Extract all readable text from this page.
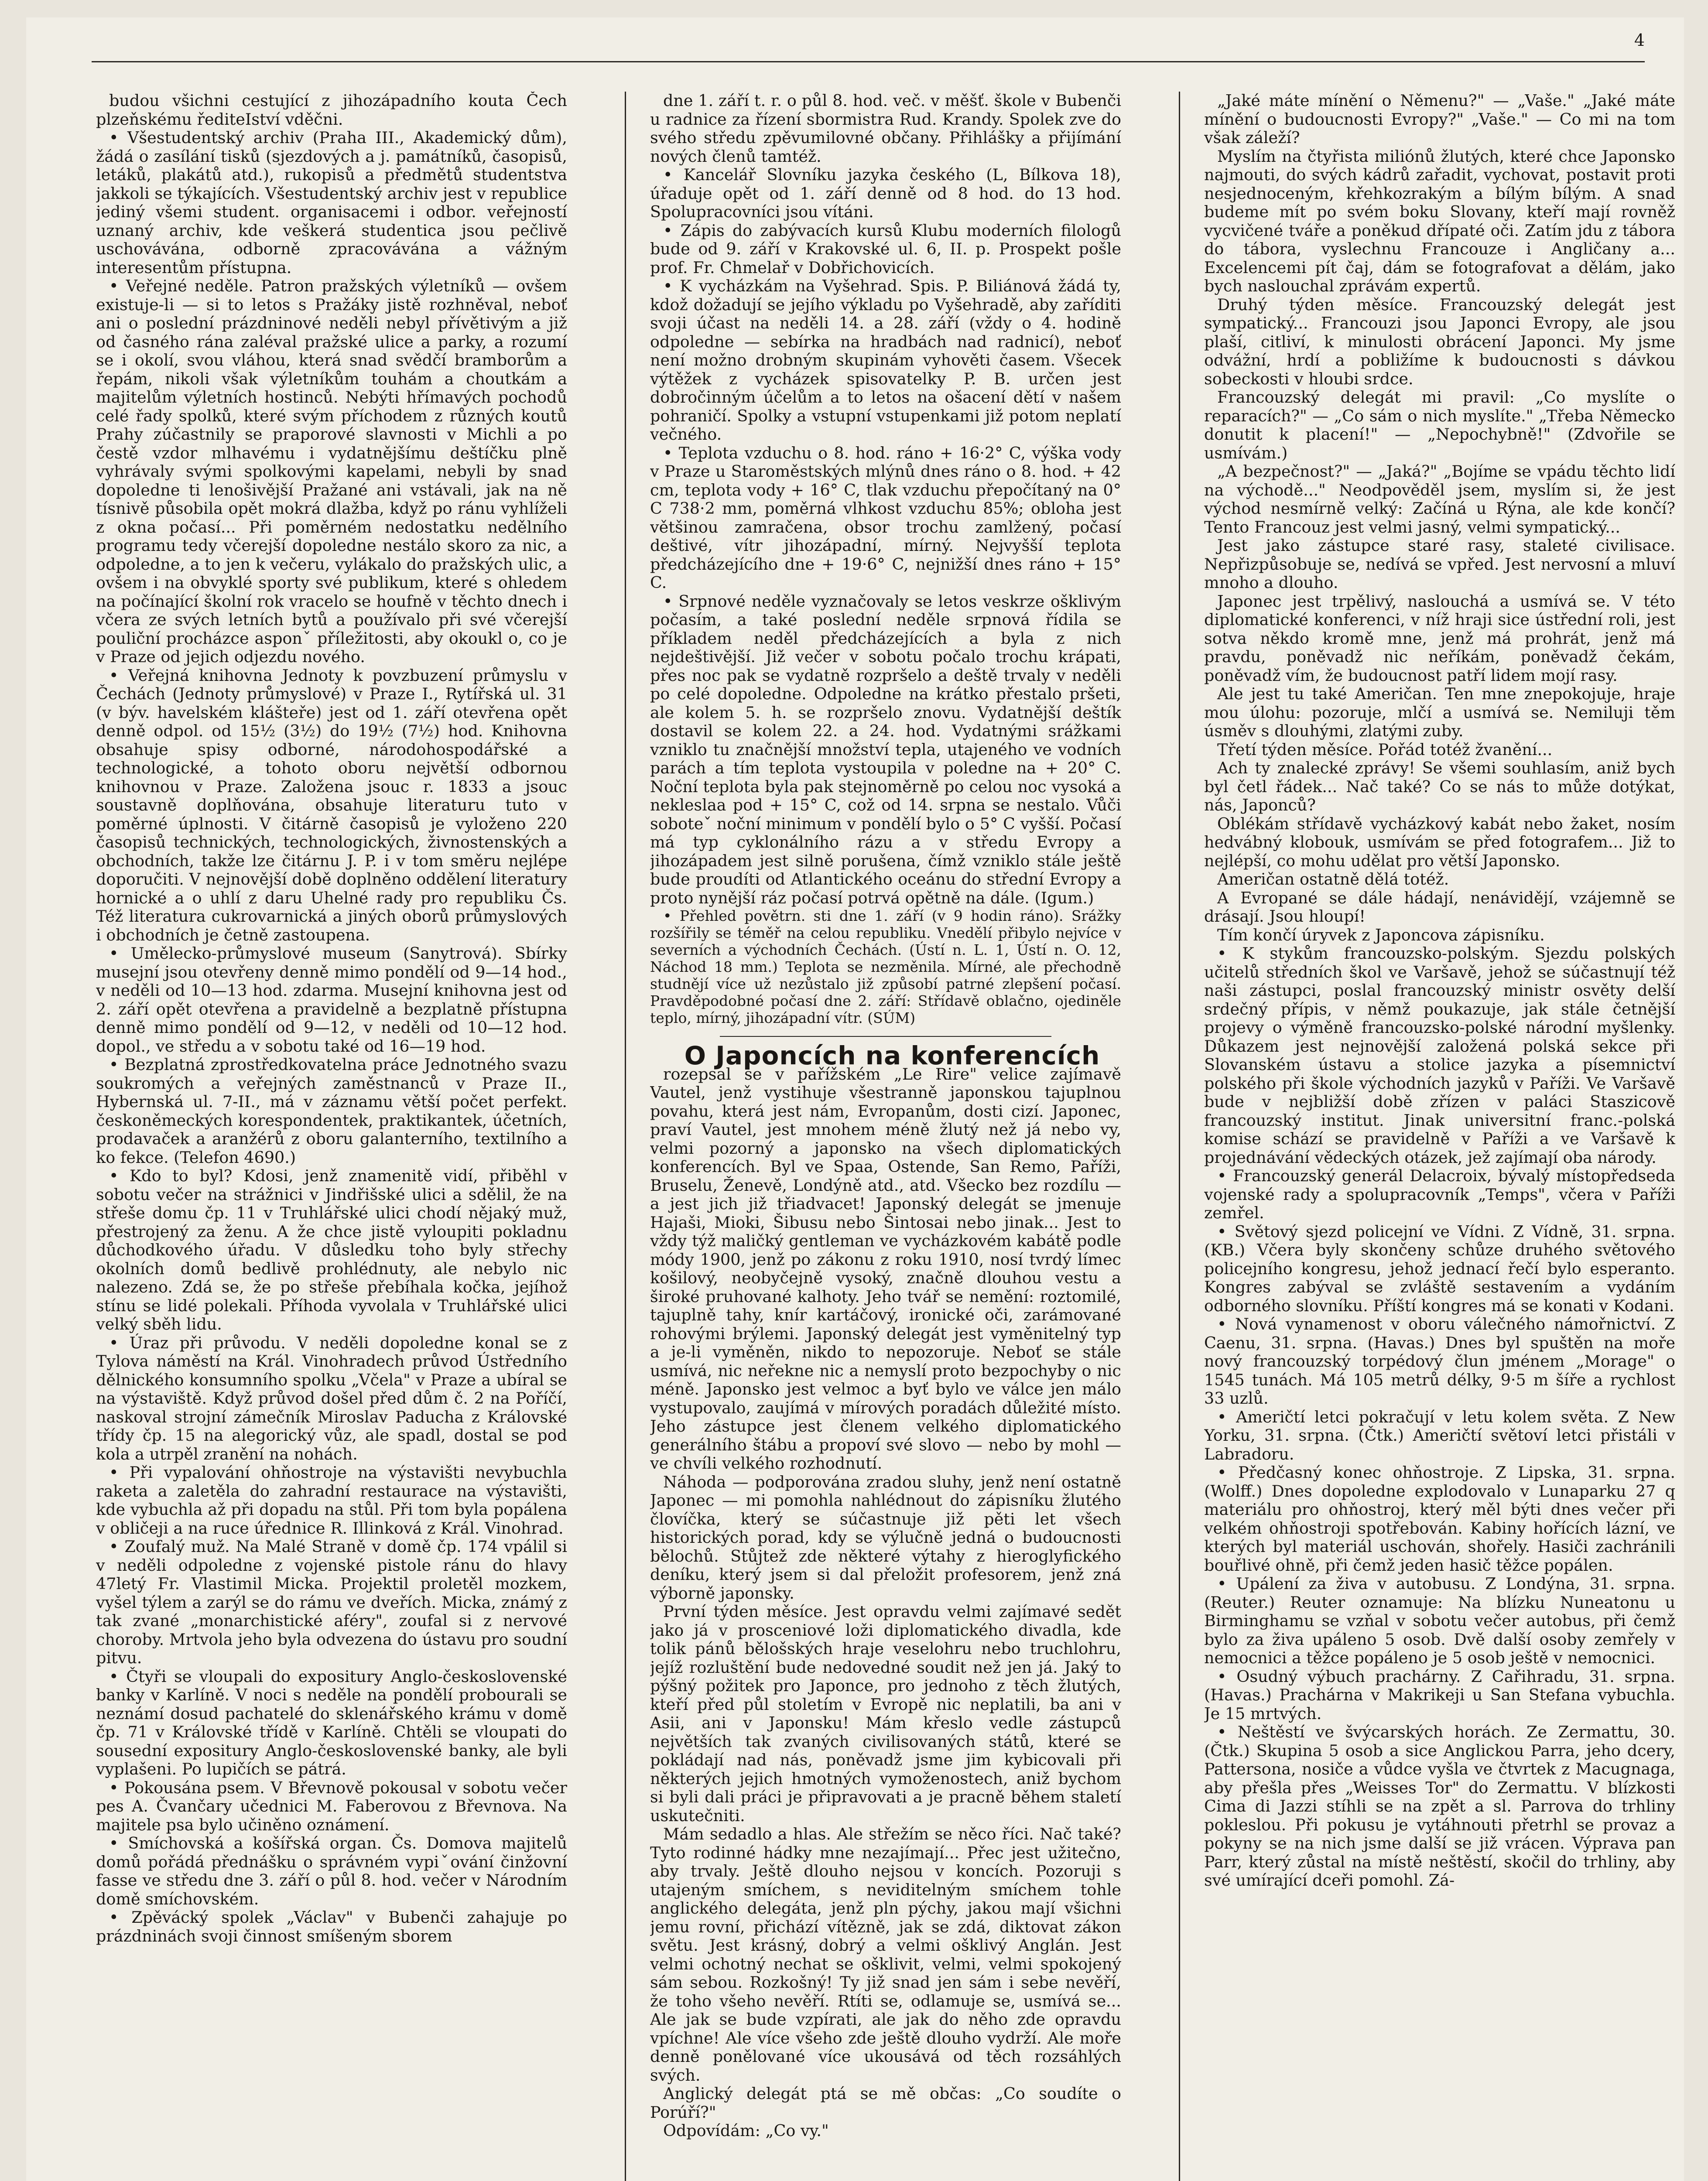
4

budou všichni cestující z jihozápadního kouta Čech plzeňskému řediteIství vděčni.

• Všestudentský archiv (Praha III., Akademický dům), žádá o zasílání tisků (sjezdových a j. památníků, časopisů, letáků, plakátů atd.), rukopisů a předmětů studentstva jakkoli se týkajících. Všestudentský archiv jest v republice jediný všemi student. organisacemi i odbor. veřejností uznaný archiv, kde veškerá studentica jsou pečlivě uschovávána, odborně zpracovávána a vážným interesentům přístupna.

• Veřejné neděle. Patron pražských výletníků — ovšem existuje-li — si to letos s Pražáky jistě rozhněval, neboť ani o poslední prázdninové neděli nebyl přívětivým a již od časného rána zaléval pražské ulice a parky, a rozumí se i okolí, svou vláhou, která snad svědčí bramborům a řepám, nikoli však výletníkům touhám a choutkám a majitelům výletních hostinců. Nebýti hřímavých pochodů celé řady spolků, které svým příchodem z různých koutů Prahy zúčastnily se praporové slavnosti v Michli a po čestě vzdor mlhavému i vydatnějšímu deštíčku plně vyhrávaly svými spolkovými kapelami, nebyli by snad dopoledne ti lenošivější Pražané ani vstávali, jak na ně tísnivě působila opět mokrá dlažba, když po ránu vyhlíželi z okna počasí... Při poměrném nedostatku nedělního programu tedy včerejší dopoledne nestálo skoro za nic, a odpoledne, a to jen k večeru, vylákalo do pražských ulic, a ovšem i na obvyklé sporty své publikum, které s ohledem na počínající školní rok vracelo se houfně v těchto dnech i včera ze svých letních bytů a používalo při své včerejší pouliční procházce asponˇ příležitosti, aby okoukl o, co je v Praze od jejich odjezdu nového.

• Veřejná knihovna Jednoty k povzbuzení průmyslu v Čechách (Jednoty průmyslové) v Praze I., Rytířská ul. 31 (v býv. havelském klášteře) jest od 1. září otevřena opět denně odpol. od 15½ (3½) do 19½ (7½) hod. Knihovna obsahuje spisy odborné, národohospodářské a technologické, a tohoto oboru největší odbornou knihovnou v Praze. Založena jsouc r. 1833 a jsouc soustavně doplňována, obsahuje literaturu tuto v poměrné úplnosti. V čitárně časopisů je vyloženo 220 časopisů technických, technologických, živnostenských a obchodních, takže lze čitárnu J. P. i v tom směru nejlépe doporučiti. V nejnovější době doplněno oddělení literatury hornické a o uhlí z daru Uhelné rady pro republiku Čs. Též literatura cukrovarnická a jiných oborů průmyslových i obchodních je četně zastoupena.

• Umělecko-průmyslové museum (Sanytrová). Sbírky musejní jsou otevřeny denně mimo pondělí od 9—14 hod., v neděli od 10—13 hod. zdarma. Musejní knihovna jest od 2. září opět otevřena a pravidelně a bezplatně přístupna denně mimo pondělí od 9—12, v neděli od 10—12 hod. dopol., ve středu a v sobotu také od 16—19 hod.

• Bezplatná zprostředkovatelna práce Jednotného svazu soukromých a veřejných zaměstnanců v Praze II., Hybernská ul. 7-II., má v záznamu větší počet perfekt. českoněmeckých korespondentek, praktikantek, účetních, prodavaček a aranžérů z oboru galanterního, textilního a ko fekce. (Telefon 4690.)

• Kdo to byl? Kdosi, jenž znamenitě vidí, přiběhl v sobotu večer na strážnici v Jindřišské ulici a sdělil, že na střeše domu čp. 11 v Truhlářské ulici chodí nějaký muž, přestrojený za ženu. A že chce jistě vyloupiti pokladnu důchodkového úřadu. V důsledku toho byly střechy okolních domů bedlivě prohlédnuty, ale nebylo nic nalezeno. Zdá se, že po střeše přebíhala kočka, jejíhož stínu se lidé polekali. Příhoda vyvolala v Truhlářské ulici velký sběh lidu.

• Úraz při průvodu. V neděli dopoledne konal se z Tylova náměstí na Král. Vinohradech průvod Ústředního dělnického konsumního spolku „Včela" v Praze a ubíral se na výstaviště. Když průvod došel před dům č. 2 na Poříčí, naskoval strojní zámečník Miroslav Paducha z Královské třídy čp. 15 na alegorický vůz, ale spadl, dostal se pod kola a utrpěl zranění na nohách.

• Při vypalování ohňostroje na výstavišti nevybuchla raketa a zaletěla do zahradní restaurace na výstavišti, kde vybuchla až při dopadu na stůl. Při tom byla popálena v obličeji a na ruce úřednice R. Illinková z Král. Vinohrad.

• Zoufalý muž. Na Malé Straně v domě čp. 174 vpálil si v neděli odpoledne z vojenské pistole ránu do hlavy 47letý Fr. Vlastimil Micka. Projektil proletěl mozkem, vyšel týlem a zarýl se do rámu ve dveřích. Micka, známý z tak zvané „monarchistické aféry", zoufal si z nervové choroby. Mrtvola jeho byla odvezena do ústavu pro soudní pitvu.

• Čtyři se vloupali do expositury Anglo-československé banky v Karlíně. V noci s neděle na pondělí probourali se neznámí dosud pachatelé do sklenářského krámu v domě čp. 71 v Královské třídě v Karlíně. Chtěli se vloupati do sousední expositury Anglo-československé banky, ale byli vyplašeni. Po lupičích se pátrá.

• Pokousána psem. V Břevnově pokousal v sobotu večer pes A. Čvančary učednici M. Faberovou z Břevnova. Na majitele psa bylo učiněno oznámení.

• Smíchovská a košířská organ. Čs. Domova majitelů domů pořádá přednášku o správném vypiˇování činžovní fasse ve středu dne 3. září o půl 8. hod. večer v Národním domě smíchovském.

• Zpěvácký spolek „Václav" v Bubenči zahajuje po prázdninách svoji činnost smíšeným sborem

dne 1. září t. r. o půl 8. hod. več. v měšť. škole v Bubenči u radnice za řízení sbormistra Rud. Krandy. Spolek zve do svého středu zpěvumilovné občany. Přihlášky a přijímání nových členů tamtéž.

• Kancelář Slovníku jazyka českého (L, Bílkova 18), úřaduje opět od 1. září denně od 8 hod. do 13 hod. Spolupracovníci jsou vítáni.

• Zápis do zabývacích kursů Klubu moderních filologů bude od 9. září v Krakovské ul. 6, II. p. Prospekt pošle prof. Fr. Chmelař v Dobřichovicích.

• K vycházkám na Vyšehrad. Spis. P. Biliánová žádá ty, kdož dožadují se jejího výkladu po Vyšehradě, aby zaříditi svoji účast na neděli 14. a 28. září (vždy o 4. hodině odpoledne — sebírka na hradbách nad radnicí), neboť není možno drobným skupinám vyhověti časem. Všecek výtěžek z vycházek spisovatelky P. B. určen jest dobročinným účelům a to letos na ošacení dětí v našem pohraničí. Spolky a vstupní vstupenkami již potom neplatí večného.

• Teplota vzduchu o 8. hod. ráno + 16·2° C, výška vody v Praze u Staroměstských mlýnů dnes ráno o 8. hod. + 42 cm, teplota vody + 16° C, tlak vzduchu přepočítaný na 0° C 738·2 mm, poměrná vlhkost vzduchu 85%; obloha jest většinou zamračena, obsor trochu zamlžený, počasí deštivé, vítr jihozápadní, mírný. Nejvyšší teplota předcházejícího dne + 19·6° C, nejnižší dnes ráno + 15° C.

• Srpnové neděle vyznačovaly se letos veskrze ošklivým počasím, a také poslední neděle srpnová řídila se příkladem neděl předcházejících a byla z nich nejdeštivější. Již večer v sobotu počalo trochu krápati, přes noc pak se vydatně rozpršelo a deště trvaly v neděli po celé dopoledne. Odpoledne na krátko přestalo pršeti, ale kolem 5. h. se rozpršelo znovu. Vydatnější deštík dostavil se kolem 22. a 24. hod. Vydatnými srážkami vzniklo tu značnější množství tepla, utajeného ve vodních parách a tím teplota vystoupila v poledne na + 20° C. Noční teplota byla pak stejnoměrně po celou noc vysoká a nekleslaa pod + 15° C, což od 14. srpna se nestalo. Vůči soboteˇ noční minimum v pondělí bylo o 5° C vyšší. Počasí má typ cyklonálního rázu a v středu Evropy a jihozápadem jest silně porušena, čímž vzniklo stále ještě bude proudíti od Atlantického oceánu do střední Evropy a proto nynější ráz počasí potrvá opětně na dále. (Igum.)

• Přehled povětrn. sti dne 1. září (v 9 hodin ráno). Srážky rozšířily se téměř na celou republiku. Vnedělí přibylo nejvíce v severních a východních Čechách. (Ústí n. L. 1, Ústí n. O. 12, Náchod 18 mm.) Teplota se nezměnila. Mírné, ale přechodně studnějí více už nezůstalo již způsobí patrné zlepšení počasí. Pravděpodobné počasí dne 2. září: Střídavě oblačno, ojediněle teplo, mírný, jihozápadní vítr. (SÚM)

O Japoncích na konferencích

rozepsal se v pařížském „Le Rire" velice zajímavě Vautel, jenž vystihuje všestranně japonskou tajuplnou povahu, která jest nám, Evropanům, dosti cizí. Japonec, praví Vautel, jest mnohem méně žlutý než já nebo vy, velmi pozorný a japonsko na všech diplomatických konferencích. Byl ve Spaa, Ostende, San Remo, Paříži, Bruselu, Ženevě, Londýně atd., atd. Všecko bez rozdílu — a jest jich již třiadvacet! Japonský delegát se jmenuje Hajaši, Mioki, Šibusu nebo Šintosai nebo jinak... Jest to vždy týž maličký gentleman ve vycházkovém kabátě podle módy 1900, jenž po zákonu z roku 1910, nosí tvrdý límec košilový, neobyčejně vysoký, značně dlouhou vestu a široké pruhované kalhoty. Jeho tvář se nemění: roztomilé, tajuplně tahy, knír kartáčový, ironické oči, zarámované rohovými brýlemi. Japonský delegát jest vyměnitelný typ a je-li vyměněn, nikdo to nepozoruje. Neboť se stále usmívá, nic neřekne nic a nemyslí proto bezpochyby o nic méně. Japonsko jest velmoc a byť bylo ve válce jen málo vystupovalo, zaujímá v mírových poradách důležité místo. Jeho zástupce jest členem velkého diplomatického generálního štábu a propoví své slovo — nebo by mohl — ve chvíli velkého rozhodnutí.

Náhoda — podporována zradou sluhy, jenž není ostatně Japonec — mi pomohla nahlédnout do zápisníku žlutého človíčka, který se súčastnuje již pěti let všech historických porad, kdy se výlučně jedná o budoucnosti bělochů. Stůjtež zde některé výtahy z hieroglyfického deníku, který jsem si dal přeložit profesorem, jenž zná výborně japonsky.

První týden měsíce. Jest opravdu velmi zajímavé sedět jako já v prosceniové loži diplomatického divadla, kde tolik pánů bělošských hraje veselohru nebo truchlohru, jejíž rozluštění bude nedovedné soudit než jen já. Jaký to pýšný požitek pro Japonce, pro jednoho z těch žlutých, kteří před půl stoletím v Evropě nic neplatili, ba ani v Asii, ani v Japonsku! Mám křeslo vedle zástupců největších tak zvaných civilisovaných států, které se pokládají nad nás, poněvadž jsme jim kybicovali při některých jejich hmotných vymoženostech, aniž bychom si byli dali práci je připravovati a je pracně během staletí uskutečniti.

Mám sedadlo a hlas. Ale střežím se něco říci. Nač také? Tyto rodinné hádky mne nezajímají... Přec jest užitečno, aby trvaly. Ještě dlouho nejsou v koncích. Pozoruji s utajeným smíchem, s neviditelným smíchem tohle anglického delegáta, jenž pln pýchy, jakou mají všichni jemu rovní, přichází vítězně, jak se zdá, diktovat zákon světu. Jest krásný, dobrý a velmi ošklivý Anglán. Jest velmi ochotný nechat se ošklivit, velmi, velmi spokojený sám sebou. Rozkošný! Ty již snad jen sám i sebe nevěří, že toho všeho nevěří. Rtíti se, odlamuje se, usmívá se... Ale jak se bude vzpírati, ale jak do něho zde opravdu vpíchne! Ale více všeho zde ještě dlouho vydrží. Ale moře denně ponělované více ukousává od těch rozsáhlých svých.

Anglický delegát ptá se mě občas: „Co soudíte o Porúří?"

Odpovídám: „Co vy."

„Jaké máte mínění o Němenu?" — „Vaše." „Jaké máte mínění o budoucnosti Evropy?" „Vaše." — Co mi na tom však záleží?

Myslím na čtyřista miliónů žlutých, které chce Japonsko najmouti, do svých kádrů zařadit, vychovat, postavit proti nesjednoceným, křehkozrakým a bílým bílým. A snad budeme mít po svém boku Slovany, kteří mají rovněž vycvičené tváře a poněkud dřípaté oči. Zatím jdu z tábora do tábora, vyslechnu Francouze i Angličany a... Excelencemi pít čaj, dám se fotografovat a dělám, jako bych naslouchal zprávám expertů.

Druhý týden měsíce. Francouzský delegát jest sympatický... Francouzi jsou Japonci Evropy, ale jsou plaší, citliví, k minulosti obrácení Japonci. My jsme odvážní, hrdí a pobližíme k budoucnosti s dávkou sobeckosti v hloubi srdce.

Francouzský delegát mi pravil: „Co myslíte o reparacích?" — „Co sám o nich myslíte." „Třeba Německo donutit k placení!" — „Nepochybně!" (Zdvořile se usmívám.)

„A bezpečnost?" — „Jaká?" „Bojíme se vpádu těchto lidí na východě..." Neodpověděl jsem, myslím si, že jest východ nesmírně velký: Začíná u Rýna, ale kde končí? Tento Francouz jest velmi jasný, velmi sympatický...

Jest jako zástupce staré rasy, staleté civilisace. Nepřizpůsobuje se, nedívá se vpřed. Jest nervosní a mluví mnoho a dlouho.

Japonec jest trpělivý, naslouchá a usmívá se. V této diplomatické konferenci, v níž hraji sice ústřední roli, jest sotva někdo kromě mne, jenž má prohrát, jenž má pravdu, poněvadž nic neříkám, poněvadž čekám, poněvadž vím, že budoucnost patří lidem mojí rasy.

Ale jest tu také Američan. Ten mne znepokojuje, hraje mou úlohu: pozoruje, mlčí a usmívá se. Nemiluji těm úsměv s dlouhými, zlatými zuby.

Třetí týden měsíce. Pořád totéž žvanění...

Ach ty znalecké zprávy! Se všemi souhlasím, aniž bych byl četl řádek... Nač také? Co se nás to může dotýkat, nás, Japonců?

Oblékám střídavě vycházkový kabát nebo žaket, nosím hedvábný klobouk, usmívám se před fotografem... Již to nejlépší, co mohu udělat pro větší Japonsko.

Američan ostatně dělá totéž.

A Evropané se dále hádají, nenávidějí, vzájemně se drásají. Jsou hloupí!

Tím končí úryvek z Japoncova zápisníku.

• K stykům francouzsko-polským. Sjezdu polských učitelů středních škol ve Varšavě, jehož se súčastnují též naši zástupci, poslal francouzský ministr osvěty delší srdečný přípis, v němž poukazuje, jak stále četnější projevy o výměně francouzsko-polské národní myšlenky. Důkazem jest nejnovější založená polská sekce při Slovanském ústavu a stolice jazyka a písemnictví polského při škole východních jazyků v Paříži. Ve Varšavě bude v nejbližší době zřízen v paláci Staszicově francouzský institut. Jinak universitní franc.-polská komise schází se pravidelně v Paříži a ve Varšavě k projednávání vědeckých otázek, jež zajímají oba národy.

• Francouzský generál Delacroix, bývalý místopředseda vojenské rady a spolupracovník „Temps", včera v Paříži zemřel.

• Světový sjezd policejní ve Vídni. Z Vídně, 31. srpna. (KB.) Včera byly skončeny schůze druhého světového policejního kongresu, jehož jednací řečí bylo esperanto. Kongres zabýval se zvláště sestavením a vydáním odborného slovníku. Příští kongres má se konati v Kodani.

• Nová vynamenost v oboru válečného námořnictví. Z Caenu, 31. srpna. (Havas.) Dnes byl spuštěn na moře nový francouzský torpédový člun jménem „Morage" o 1545 tunách. Má 105 metrů délky, 9·5 m šíře a rychlost 33 uzlů.

• Američtí letci pokračují v letu kolem světa. Z New Yorku, 31. srpna. (Čtk.) Američtí světoví letci přistáli v Labradoru.

• Předčasný konec ohňostroje. Z Lipska, 31. srpna. (Wolff.) Dnes dopoledne explodovalo v Lunaparku 27 q materiálu pro ohňostroj, který měl býti dnes večer při velkém ohňostroji spotřebován. Kabiny hořících lázní, ve kterých byl materiál uschován, shořely. Hasiči zachránili bouřlivé ohně, při čemž jeden hasič těžce popálen.

• Upálení za živa v autobusu. Z Londýna, 31. srpna. (Reuter.) Reuter oznamuje: Na blízku Nuneatonu u Birminghamu se vzňal v sobotu večer autobus, při čemž bylo za živa upáleno 5 osob. Dvě další osoby zemřely v nemocnici a těžce popáleno je 5 osob ještě v nemocnici.

• Osudný výbuch prachárny. Z Cařihradu, 31. srpna. (Havas.) Prachárna v Makrikeji u San Stefana vybuchla. Je 15 mrtvých.

• Neštěstí ve švýcarských horách. Ze Zermattu, 30. (Čtk.) Skupina 5 osob a sice Anglickou Parra, jeho dcery, Pattersona, nosiče a vůdce vyšla ve čtvrtek z Macugnaga, aby přešla přes „Weisses Tor" do Zermattu. V blízkosti Cima di Jazzi stíhli se na zpět a sl. Parrova do trhliny pokleslou. Při pokusu je vytáhnouti přetrhl se provaz a pokyny se na nich jsme další se již vrácen. Výprava pan Parr, který zůstal na místě neštěstí, skočil do trhliny, aby své umírající dceři pomohl. Zá-
